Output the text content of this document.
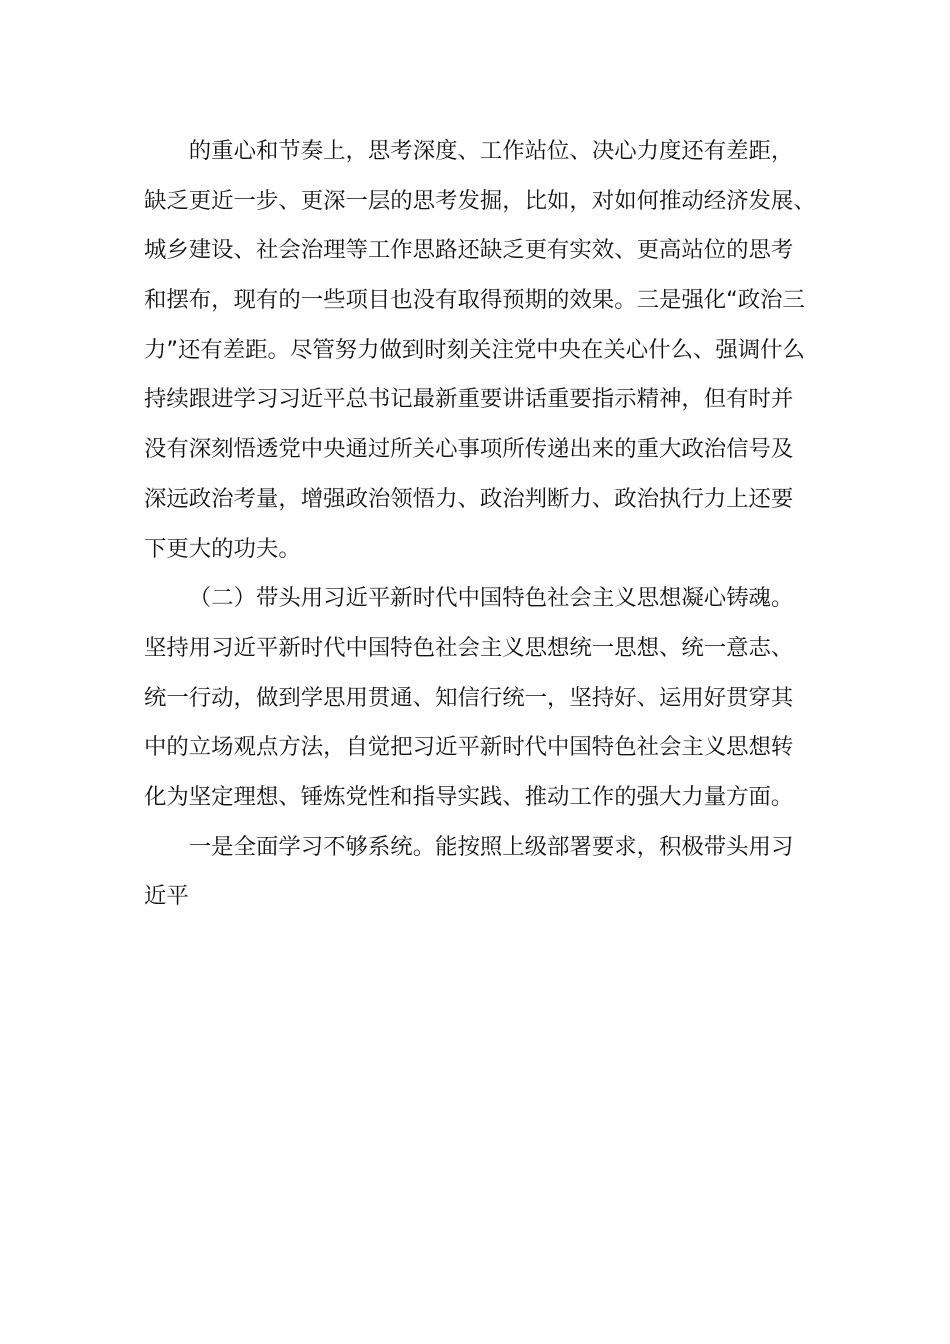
的重心和节奏上，思考深度、工作站位、决心力度还有差距，
缺乏更近一步、更深一层的思考发掘，比如，对如何推动经济发展、
城乡建设、社会治理等工作思路还缺乏更有实效、更高站位的思考
和摆布，现有的一些项目也没有取得预期的效果。三是强化“政治三
力”还有差距。尽管努力做到时刻关注党中央在关心什么、强调什么
持续跟进学习习近平总书记最新重要讲话重要指示精神，但有时并
没有深刻悟透党中央通过所关心事项所传递出来的重大政治信号及
深远政治考量，增强政治领悟力、政治判断力、政治执行力上还要
下更大的功夫。
（二）带头用习近平新时代中国特色社会主义思想凝心铸魂。
坚持用习近平新时代中国特色社会主义思想统一思想、统一意志、
统一行动，做到学思用贯通、知信行统一，坚持好、运用好贯穿其
中的立场观点方法，自觉把习近平新时代中国特色社会主义思想转
化为坚定理想、锤炼党性和指导实践、推动工作的强大力量方面。
一是全面学习不够系统。能按照上级部署要求，积极带头用习
近平
